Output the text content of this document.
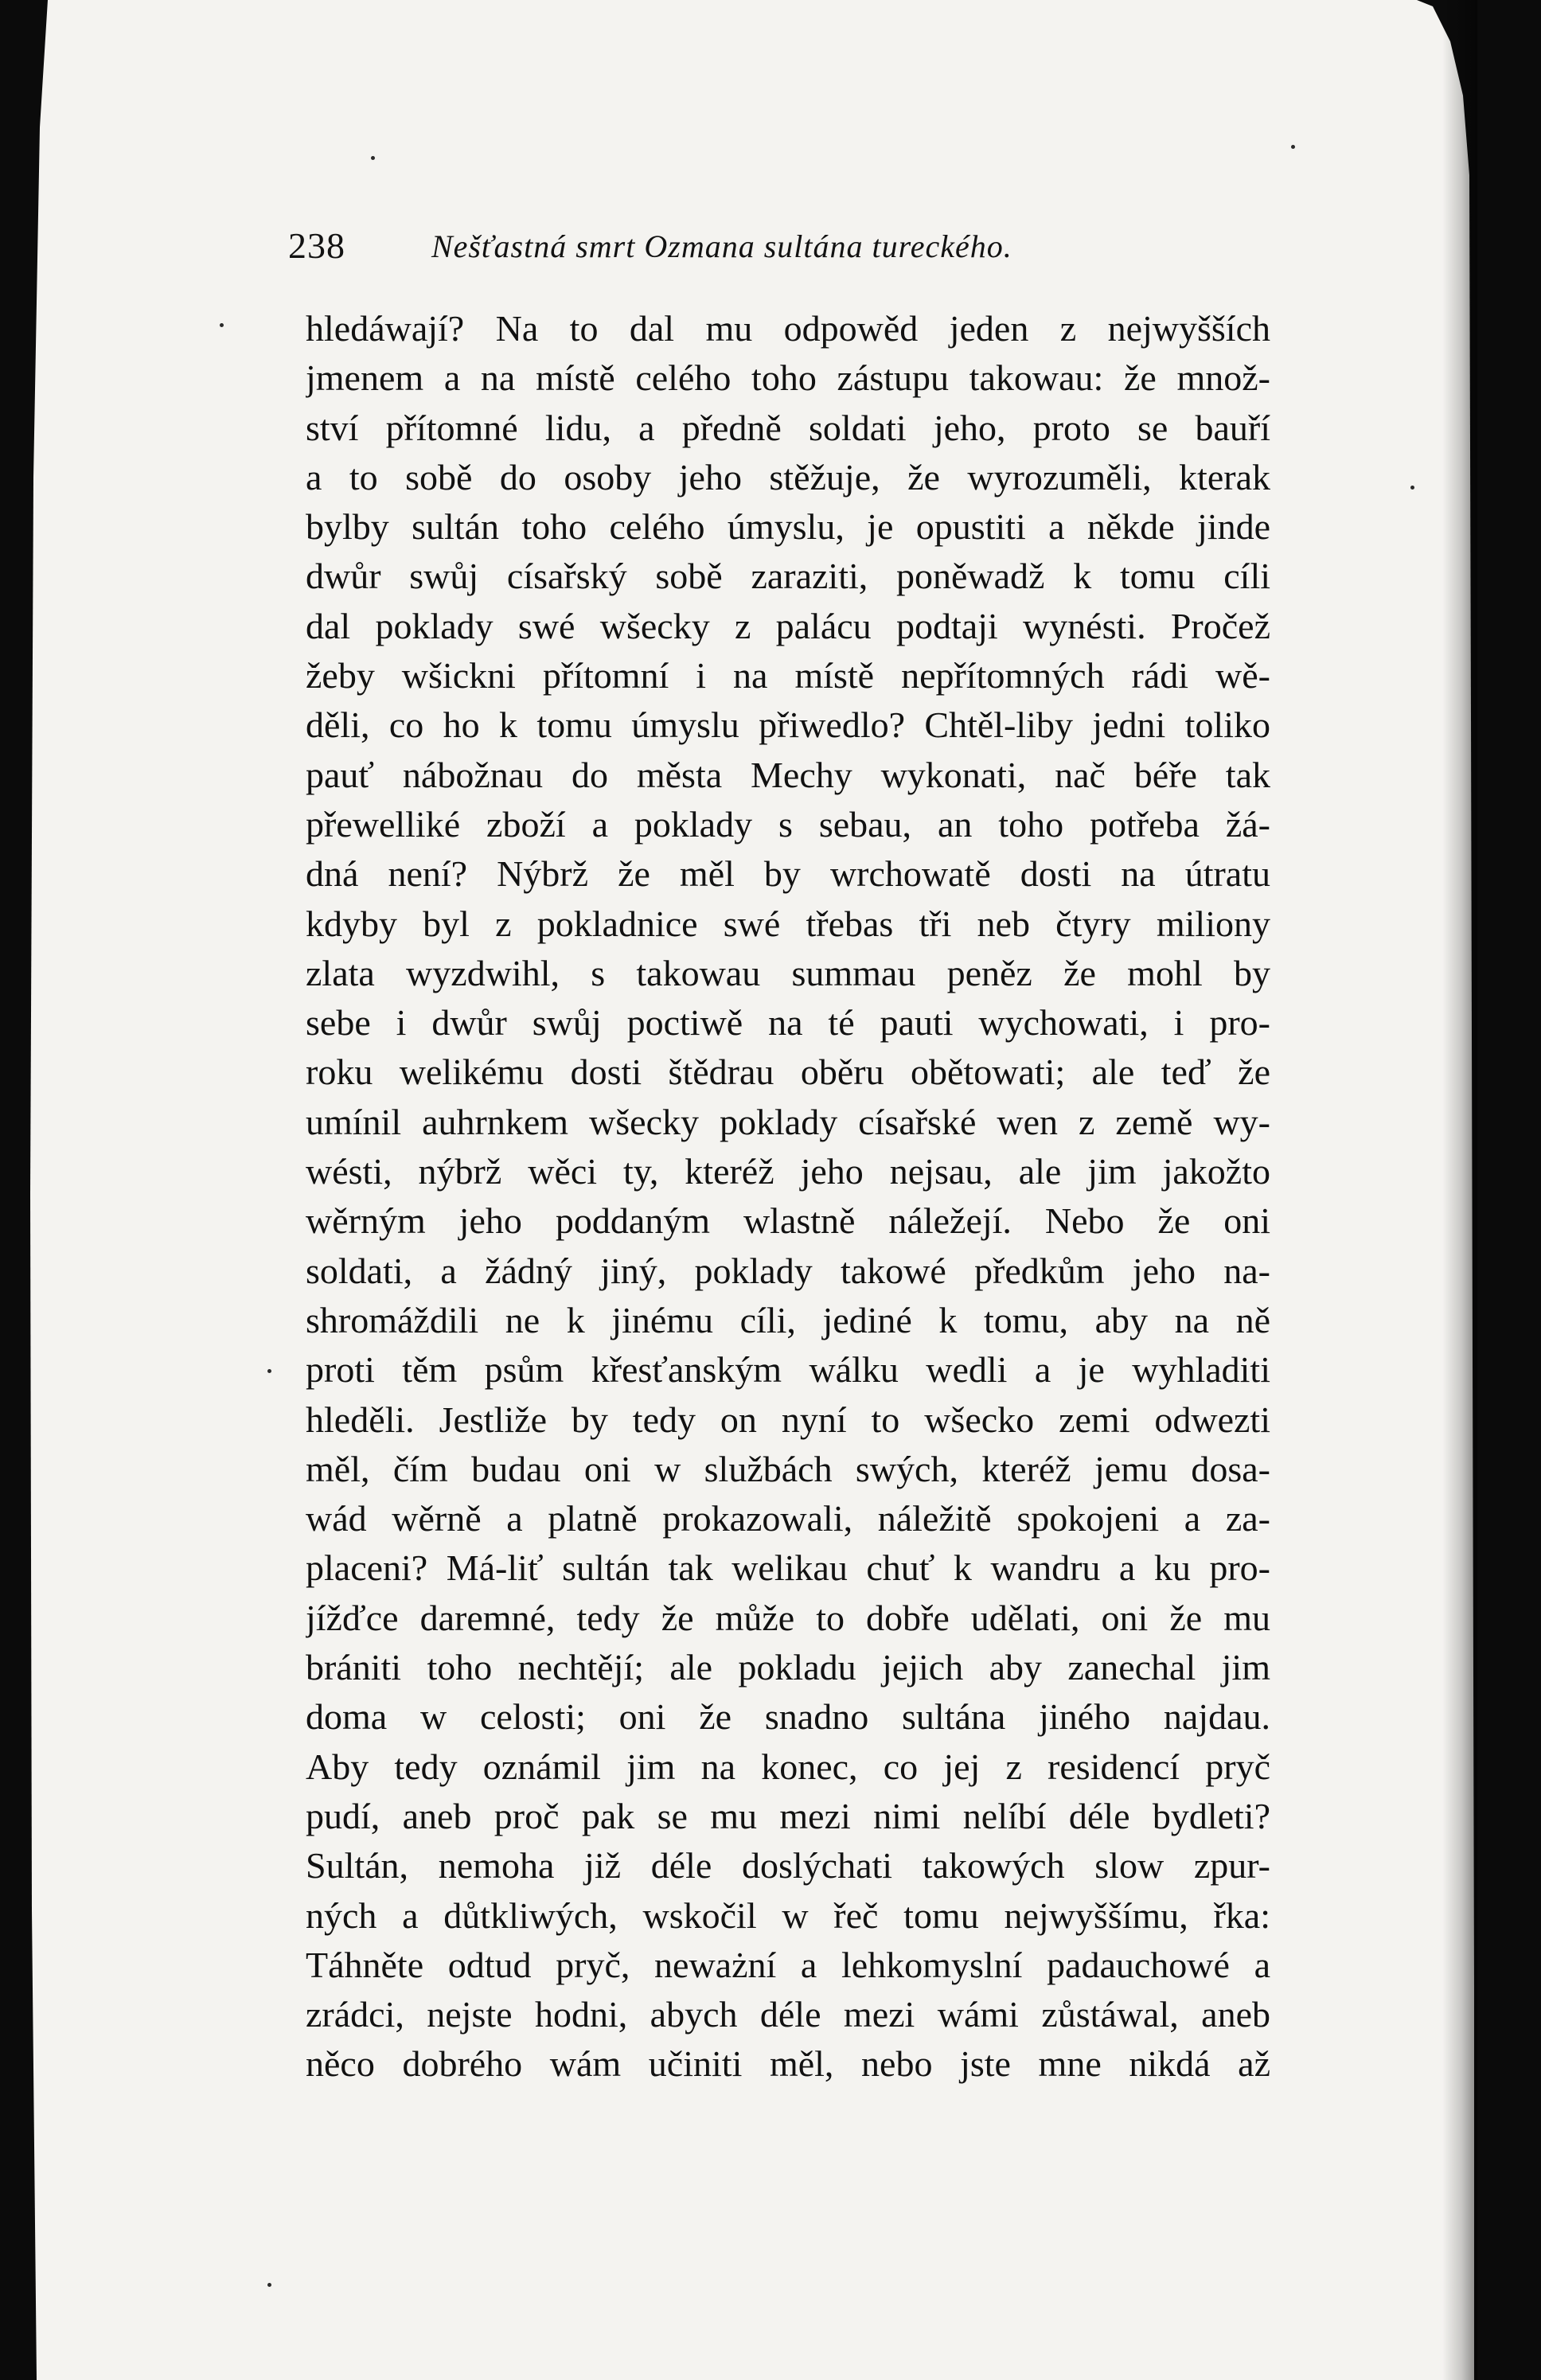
238	Nešťastná smrt Ozmana sultána tureckého.
hledáwají? Na to dal mu odpowěd jeden z nejwyšších
jmenem a na místě celého toho zástupu takowau: že množ-
ství přítomné lidu, a předně soldati jeho, proto se bauří
a to sobě do osoby jeho stěžuje, že wyrozuměli, kterak
bylby sultán toho celého úmyslu, je opustiti a někde jinde
dwůr swůj císařský sobě zaraziti, poněwadž k tomu cíli
dal poklady swé wšecky z palácu podtaji wynésti. Pročež
žeby wšickni přítomní i na místě nepřítomných rádi wě-
děli, co ho k tomu úmyslu přiwedlo? Chtěl-liby jedni toliko
pauť nábožnau do města Mechy wykonati, nač béře tak
přewelliké zboží a poklady s sebau, an toho potřeba žá-
dná není? Nýbrž že měl by wrchowatě dosti na útratu
kdyby byl z pokladnice swé třebas tři neb čtyry miliony
zlata wyzdwihl, s takowau summau peněz že mohl by
sebe i dwůr swůj poctiwě na té pauti wychowati, i pro-
roku welikému dosti štědrau oběru obětowati; ale teď že
umínil auhrnkem wšecky poklady císařské wen z země wy-
wésti, nýbrž wěci ty, kteréž jeho nejsau, ale jim jakožto
wěrným jeho poddaným wlastně náležejí. Nebo že oni
soldati, a žádný jiný, poklady takowé předkům jeho na-
shromáždili ne k jinému cíli, jediné k tomu, aby na ně
proti těm psům křesťanským wálku wedli a je wyhladiti
hleděli. Jestliže by tedy on nyní to wšecko zemi odwezti
měl, čím budau oni w službách swých, kteréž jemu dosa-
wád wěrně a platně prokazowali, náležitě spokojeni a za-
placeni? Má-liť sultán tak welikau chuť k wandru a ku pro-
jížďce daremné, tedy že může to dobře udělati, oni že mu
brániti toho nechtějí; ale pokladu jejich aby zanechal jim
doma w celosti; oni že snadno sultána jiného najdau.
Aby tedy oznámil jim na konec, co jej z residencí pryč
pudí, aneb proč pak se mu mezi nimi nelíbí déle bydleti?
Sultán, nemoha již déle doslýchati takowých slow zpur-
ných a důtkliwých, wskočil w řeč tomu nejwyššímu, řka:
Táhněte odtud pryč, neważní a lehkomyslní padauchowé a
zrádci, nejste hodni, abych déle mezi wámi zůstáwal, aneb
něco dobrého wám učiniti měl, nebo jste mne nikdá až
